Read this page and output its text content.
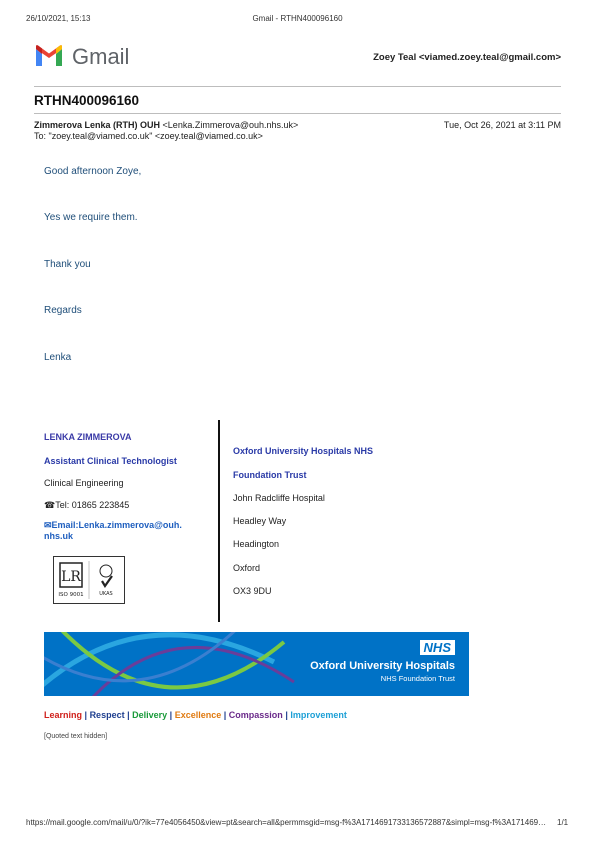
26/10/2021, 15:13	Gmail - RTHN400096160
Gmail	Zoey Teal <viamed.zoey.teal@gmail.com>
RTHN400096160
Zimmerova Lenka (RTH) OUH <Lenka.Zimmerova@ouh.nhs.uk>	Tue, Oct 26, 2021 at 3:11 PM
To: "zoey.teal@viamed.co.uk" <zoey.teal@viamed.co.uk>
Good afternoon Zoye,
Yes we require them.
Thank you
Regards
Lenka
LENKA ZIMMEROVA
Assistant Clinical Technologist
Clinical Engineering
☎Tel: 01865 223845
✉Email:Lenka.zimmerova@ouh.
nhs.uk
LR
ISO 9001	UKAS
Oxford University Hospitals NHS
Foundation Trust
John Radcliffe Hospital
Headley Way
Headington
Oxford
OX3 9DU
NHS
Oxford University Hospitals
NHS Foundation Trust
Learning | Respect | Delivery | Excellence | Compassion | Improvement
[Quoted text hidden]
https://mail.google.com/mail/u/0/?ik=77e4056450&view=pt&search=all&permmsgid=msg-f%3A1714691733136572887&simpl=msg-f%3A171469… 1/1
